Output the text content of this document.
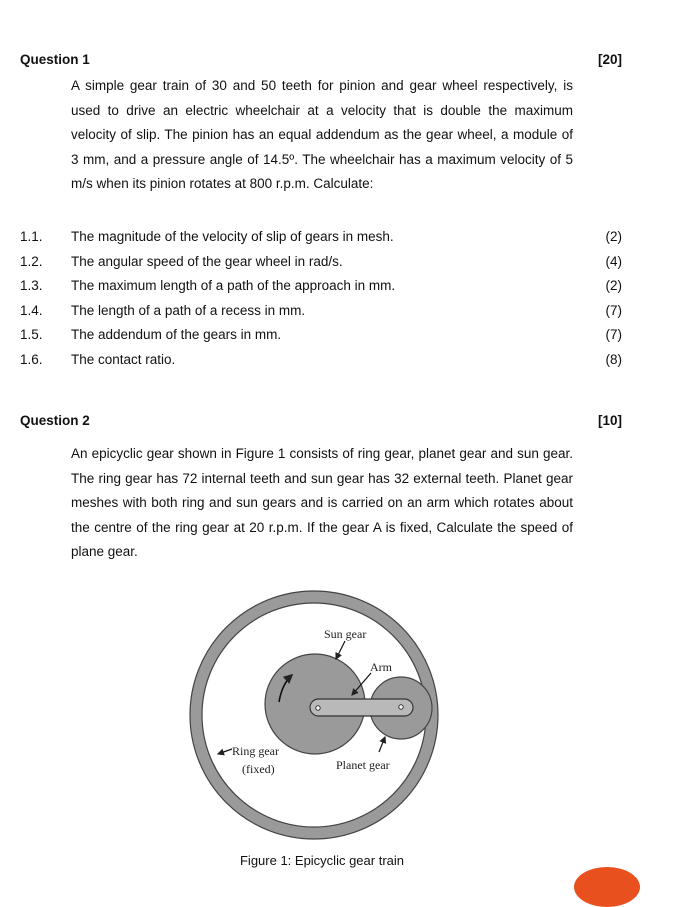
Question 1	[20]
A simple gear train of 30 and 50 teeth for pinion and gear wheel respectively, is used to drive an electric wheelchair at a velocity that is double the maximum velocity of slip. The pinion has an equal addendum as the gear wheel, a module of 3 mm, and a pressure angle of 14.5º. The wheelchair has a maximum velocity of 5 m/s when its pinion rotates at 800 r.p.m. Calculate:
1.1. The magnitude of the velocity of slip of gears in mesh.	(2)
1.2. The angular speed of the gear wheel in rad/s.	(4)
1.3. The maximum length of a path of the approach in mm.	(2)
1.4. The length of a path of a recess in mm.	(7)
1.5. The addendum of the gears in mm.	(7)
1.6. The contact ratio.	(8)
Question 2	[10]
An epicyclic gear shown in Figure 1 consists of ring gear, planet gear and sun gear. The ring gear has 72 internal teeth and sun gear has 32 external teeth. Planet gear meshes with both ring and sun gears and is carried on an arm which rotates about the centre of the ring gear at 20 r.p.m. If the gear A is fixed, Calculate the speed of plane gear.
Sun gear
Arm
Ring gear
(fixed)	Planet gear
Figure 1: Epicyclic gear train
